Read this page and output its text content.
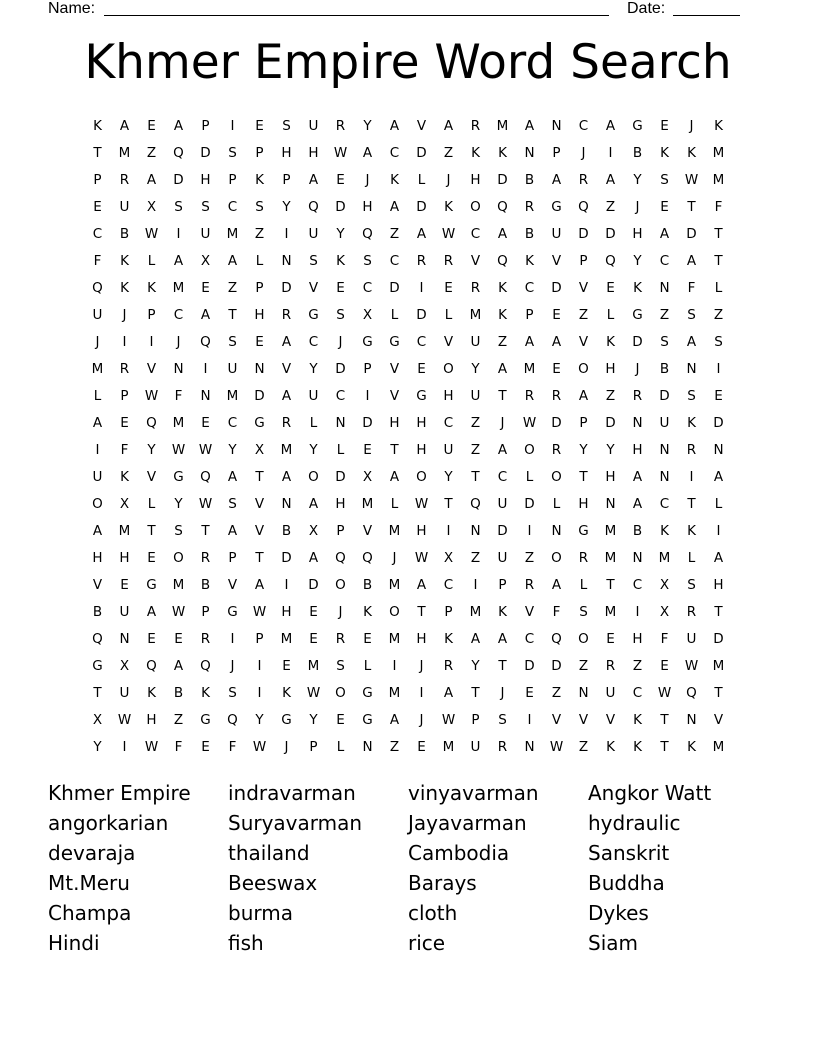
Name:	Date:
Khmer Empire Word Search
K	A	E	A	P	I	E	S	U	R	Y	A	V	A	R	M	A	N	C	A	G	E	J	K
T	M	Z	Q	D	S	P	H	H	W	A	C	D	Z	K	K	N	P	J	I	B	K	K	M
P	R	A	D	H	P	K	P	A	E	J	K	L	J	H	D	B	A	R	A	Y	S	W	M
E	U	X	S	S	C	S	Y	Q	D	H	A	D	K	O	Q	R	G	Q	Z	J	E	T	F
C	B	W	I	U	M	Z	I	U	Y	Q	Z	A	W	C	A	B	U	D	D	H	A	D	T
F	K	L	A	X	A	L	N	S	K	S	C	R	R	V	Q	K	V	P	Q	Y	C	A	T
Q	K	K	M	E	Z	P	D	V	E	C	D	I	E	R	K	C	D	V	E	K	N	F	L
U	J	P	C	A	T	H	R	G	S	X	L	D	L	M	K	P	E	Z	L	G	Z	S	Z
J	I	I	J	Q	S	E	A	C	J	G	G	C	V	U	Z	A	A	V	K	D	S	A	S
M	R	V	N	I	U	N	V	Y	D	P	V	E	O	Y	A	M	E	O	H	J	B	N	I
L	P	W	F	N	M	D	A	U	C	I	V	G	H	U	T	R	R	A	Z	R	D	S	E
A	E	Q	M	E	C	G	R	L	N	D	H	H	C	Z	J	W	D	P	D	N	U	K	D
I	F	Y	W	W	Y	X	M	Y	L	E	T	H	U	Z	A	O	R	Y	Y	H	N	R	N
U	K	V	G	Q	A	T	A	O	D	X	A	O	Y	T	C	L	O	T	H	A	N	I	A
O	X	L	Y	W	S	V	N	A	H	M	L	W	T	Q	U	D	L	H	N	A	C	T	L
A	M	T	S	T	A	V	B	X	P	V	M	H	I	N	D	I	N	G	M	B	K	K	I
H	H	E	O	R	P	T	D	A	Q	Q	J	W	X	Z	U	Z	O	R	M	N	M	L	A
V	E	G	M	B	V	A	I	D	O	B	M	A	C	I	P	R	A	L	T	C	X	S	H
B	U	A	W	P	G	W	H	E	J	K	O	T	P	M	K	V	F	S	M	I	X	R	T
Q	N	E	E	R	I	P	M	E	R	E	M	H	K	A	A	C	Q	O	E	H	F	U	D
G	X	Q	A	Q	J	I	E	M	S	L	I	J	R	Y	T	D	D	Z	R	Z	E	W	M
T	U	K	B	K	S	I	K	W	O	G	M	I	A	T	J	E	Z	N	U	C	W	Q	T
X	W	H	Z	G	Q	Y	G	Y	E	G	A	J	W	P	S	I	V	V	V	K	T	N	V
Y	I	W	F	E	F	W	J	P	L	N	Z	E	M	U	R	N	W	Z	K	K	T	K	M
Khmer Empire	indravarman	vinyavarman	Angkor Watt
angorkarian	Suryavarman	Jayavarman	hydraulic
devaraja	thailand	Cambodia	Sanskrit
Mt.Meru	Beeswax	Barays	Buddha
Champa	burma	cloth	Dykes
Hindi	fish	rice	Siam
